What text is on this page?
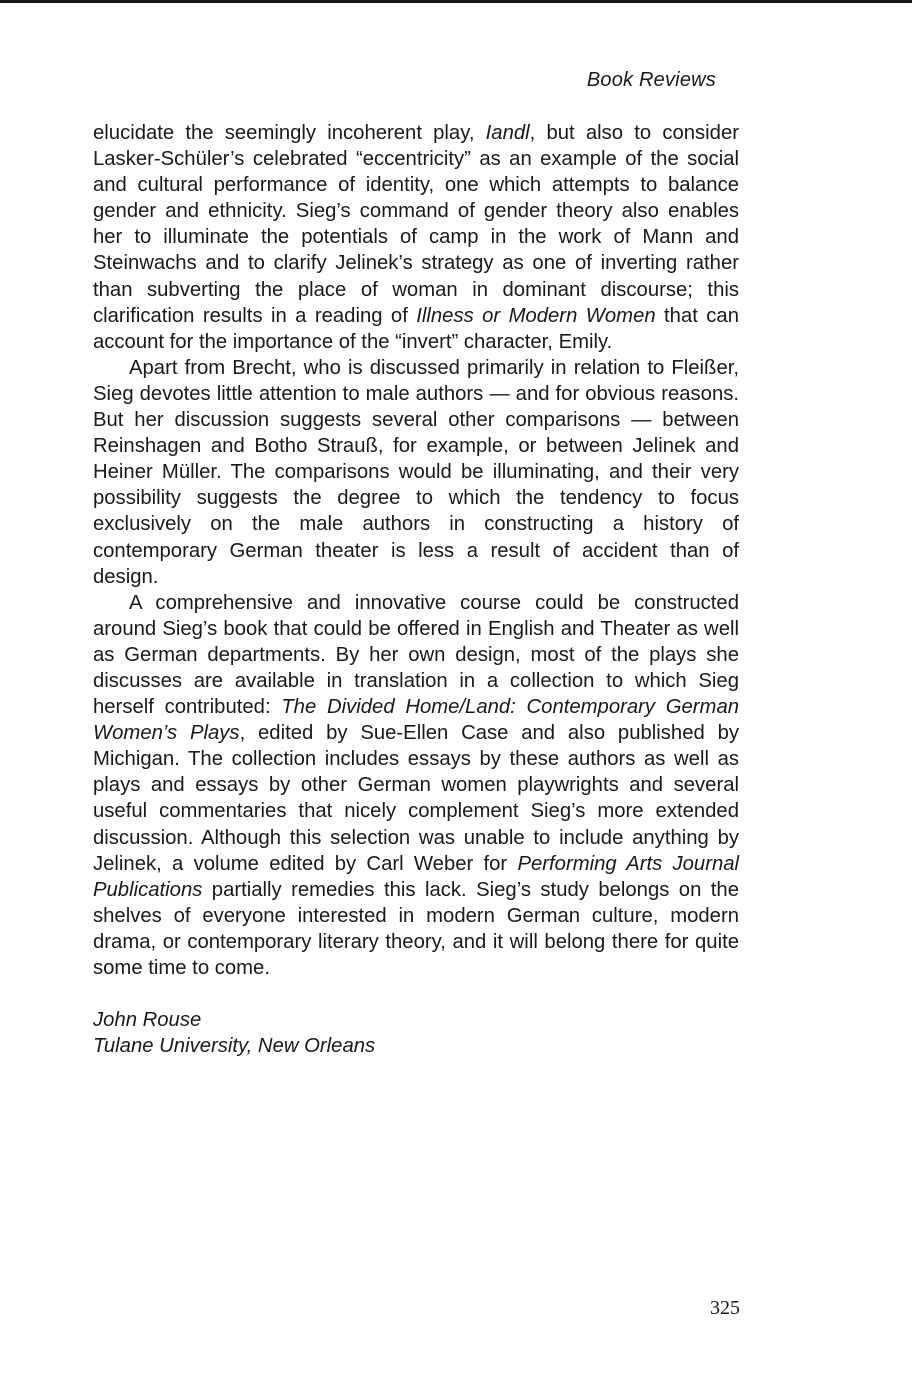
Book Reviews

elucidate the seemingly incoherent play, Iandl, but also to consider Lasker-Schüler’s celebrated “eccentricity” as an example of the social and cultural performance of identity, one which attempts to balance gender and ethnicity. Sieg’s command of gender theory also enables her to illuminate the potentials of camp in the work of Mann and Steinwachs and to clarify Jelinek’s strategy as one of inverting rather than subverting the place of woman in dominant discourse; this clarification results in a reading of Illness or Modern Women that can account for the importance of the “invert” character, Emily.

Apart from Brecht, who is discussed primarily in relation to Fleißer, Sieg devotes little attention to male authors — and for obvious reasons. But her discussion suggests several other comparisons — between Reinshagen and Botho Strauß, for example, or between Jelinek and Heiner Müller. The comparisons would be illuminating, and their very possibility suggests the degree to which the tendency to focus exclusively on the male authors in constructing a history of contemporary German theater is less a result of accident than of design.

A comprehensive and innovative course could be constructed around Sieg’s book that could be offered in English and Theater as well as German departments. By her own design, most of the plays she discusses are available in translation in a collection to which Sieg herself contributed: The Divided Home/Land: Contemporary German Women’s Plays, edited by Sue-Ellen Case and also published by Michigan. The collection includes essays by these authors as well as plays and essays by other German women playwrights and several useful commentaries that nicely complement Sieg’s more extended discussion. Although this selection was unable to include anything by Jelinek, a volume edited by Carl Weber for Performing Arts Journal Publications partially remedies this lack. Sieg’s study belongs on the shelves of everyone interested in modern German culture, modern drama, or contemporary literary theory, and it will belong there for quite some time to come.

John Rouse
Tulane University, New Orleans
325
